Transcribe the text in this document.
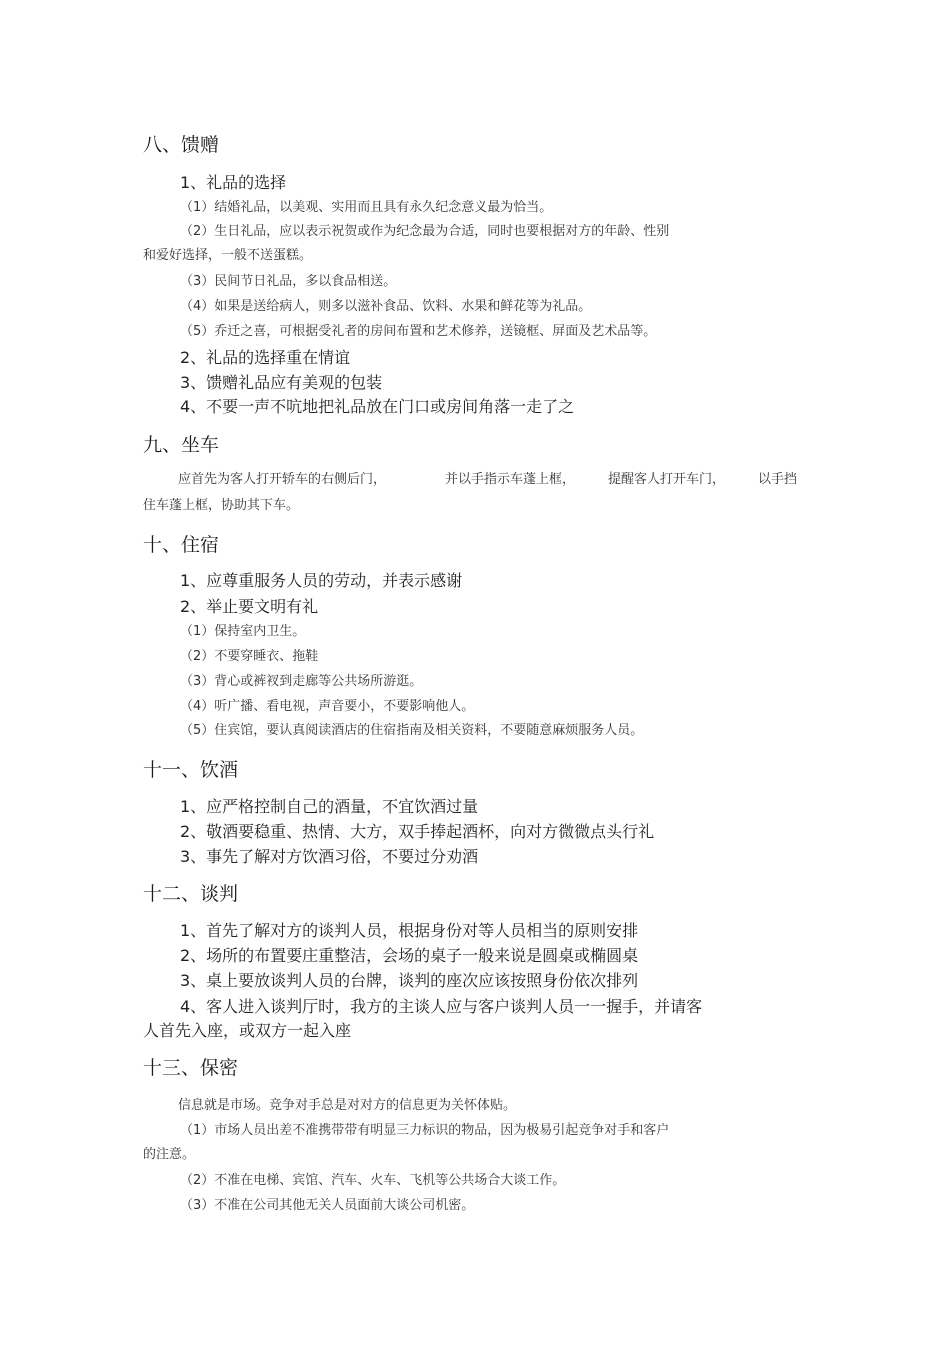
八、馈赠
1、礼品的选择
（1）结婚礼品，以美观、实用而且具有永久纪念意义最为恰当。
（2）生日礼品，应以表示祝贺或作为纪念最为合适，同时也要根据对方的年龄、性别
和爱好选择，一般不送蛋糕。
（3）民间节日礼品，多以食品相送。
（4）如果是送给病人，则多以滋补食品、饮料、水果和鲜花等为礼品。
（5）乔迁之喜，可根据受礼者的房间布置和艺术修养，送镜框、屏面及艺术品等。
2、礼品的选择重在情谊
3、馈赠礼品应有美观的包装
4、不要一声不吭地把礼品放在门口或房间角落一走了之
九、坐车
应首先为客人打开轿车的右侧后门，	并以手指示车蓬上框，	提醒客人打开车门，	以手挡
住车蓬上框，协助其下车。
十、住宿
1、应尊重服务人员的劳动，并表示感谢
2、举止要文明有礼
（1）保持室内卫生。
（2）不要穿睡衣、拖鞋
（3）背心或裤衩到走廊等公共场所游逛。
（4）听广播、看电视，声音要小，不要影响他人。
（5）住宾馆，要认真阅读酒店的住宿指南及相关资料，不要随意麻烦服务人员。
十一、饮酒
1、应严格控制自己的酒量，不宜饮酒过量
2、敬酒要稳重、热情、大方，双手捧起酒杯，向对方微微点头行礼
3、事先了解对方饮酒习俗，不要过分劝酒
十二、谈判
1、首先了解对方的谈判人员，根据身份对等人员相当的原则安排
2、场所的布置要庄重整洁，会场的桌子一般来说是圆桌或椭圆桌
3、桌上要放谈判人员的台牌，谈判的座次应该按照身份依次排列
4、客人进入谈判厅时，我方的主谈人应与客户谈判人员一一握手，并请客
人首先入座，或双方一起入座
十三、保密
信息就是市场。竞争对手总是对对方的信息更为关怀体贴。
（1）市场人员出差不准携带带有明显三力标识的物品，因为极易引起竞争对手和客户
的注意。
（2）不准在电梯、宾馆、汽车、火车、飞机等公共场合大谈工作。
（3）不准在公司其他无关人员面前大谈公司机密。
